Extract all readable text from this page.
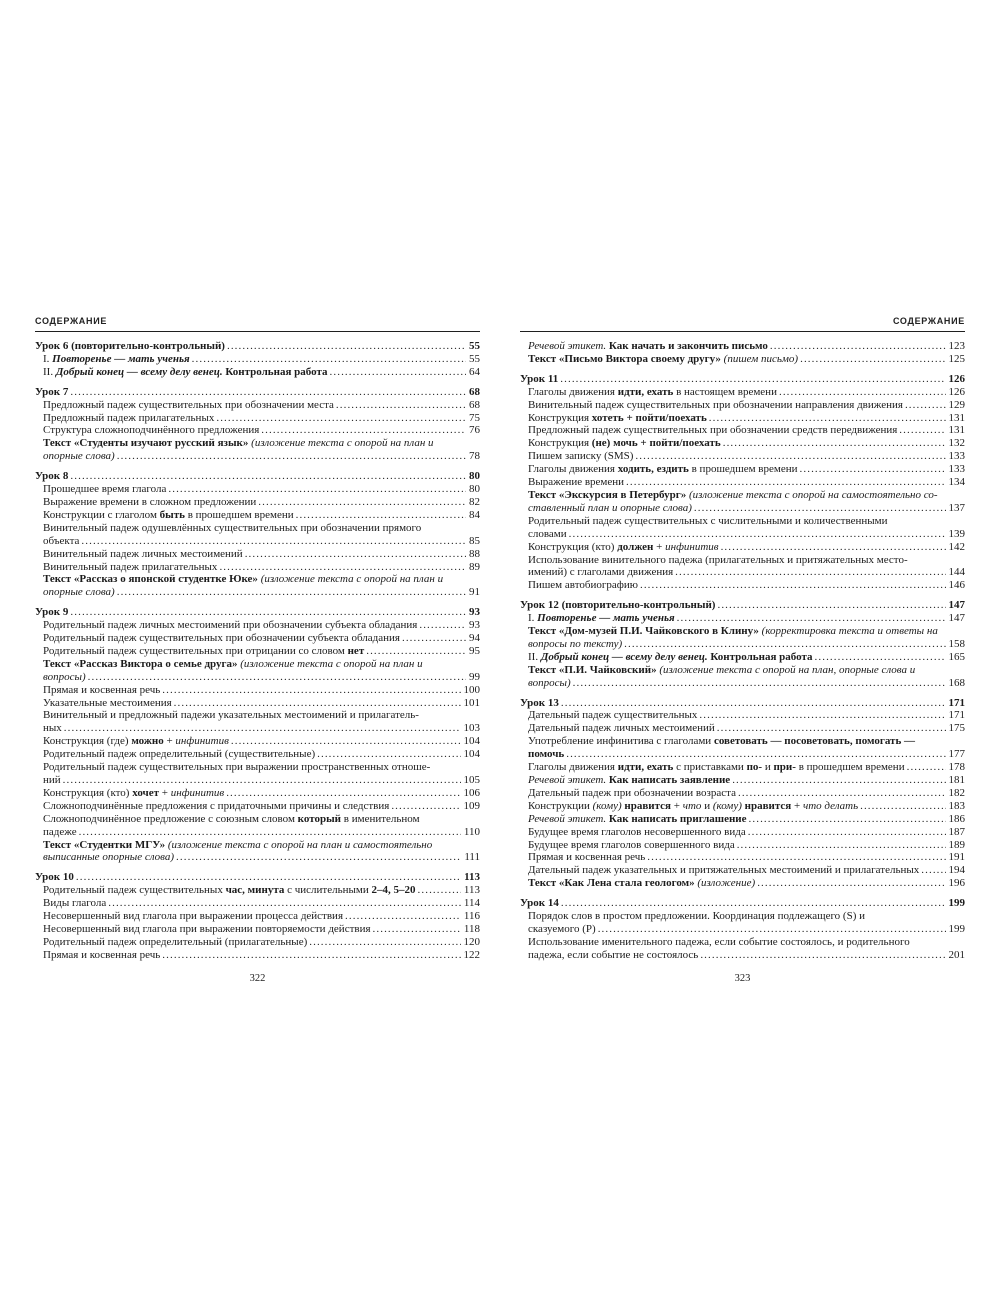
СОДЕРЖАНИЕ
Урок 6 (повторительно-контрольный) .....	55
I. Повторенье — мать ученья .....	55
II. Добрый конец — всему делу венец. Контрольная работа .....	64
Урок 7 .....	68
Предложный падеж существительных при обозначении места .....	68
Предложный падеж прилагательных .....	75
Структура сложноподчинённого предложения .....	76
Текст «Студенты изучают русский язык» (изложение текста с опорой на план и
опорные слова) .....	78
Урок 8 .....	80
Прошедшее время глагола .....	80
Выражение времени в сложном предложении .....	82
Конструкции с глаголом быть в прошедшем времени .....	84
Винительный падеж одушевлённых существительных при обозначении прямого
объекта .....	85
Винительный падеж личных местоимений .....	88
Винительный падеж прилагательных .....	89
Текст «Рассказ о японской студентке Юке» (изложение текста с опорой на план и
опорные слова) .....	91
Урок 9 .....	93
Родительный падеж личных местоимений при обозначении субъекта обладания .....	93
Родительный падеж существительных при обозначении субъекта обладания .....	94
Родительный падеж существительных при отрицании со словом нет .....	95
Текст «Рассказ Виктора о семье друга» (изложение текста с опорой на план и
вопросы) .....	99
Прямая и косвенная речь .....	100
Указательные местоимения .....	101
Винительный и предложный падежи указательных местоимений и прилагатель-
ных .....	103
Конструкция (где) можно + инфинитив .....	104
Родительный падеж определительный (существительные) .....	104
Родительный падеж существительных при выражении пространственных отноше-
ний .....	105
Конструкция (кто) хочет + инфинитив .....	106
Сложноподчинённые предложения с придаточными причины и следствия .....	109
Сложноподчинённое предложение с союзным словом который в именительном
падеже .....	110
Текст «Студентки МГУ» (изложение текста с опорой на план и самостоятельно
выписанные опорные слова) .....	111
Урок 10 .....	113
Родительный падеж существительных час, минута с числительными 2–4, 5–20 .....	113
Виды глагола .....	114
Несовершенный вид глагола при выражении процесса действия .....	116
Несовершенный вид глагола при выражении повторяемости действия .....	118
Родительный падеж определительный (прилагательные) .....	120
Прямая и косвенная речь .....	122
322
СОДЕРЖАНИЕ
Речевой этикет. Как начать и закончить письмо .....	123
Текст «Письмо Виктора своему другу» (пишем письмо) .....	125
Урок 11 .....	126
Глаголы движения идти, ехать в настоящем времени .....	126
Винительный падеж существительных при обозначении направления движения .....	129
Конструкция хотеть + пойти/поехать .....	131
Предложный падеж существительных при обозначении средств передвижения .....	131
Конструкция (не) мочь + пойти/поехать .....	132
Пишем записку (SMS) .....	133
Глаголы движения ходить, ездить в прошедшем времени .....	133
Выражение времени .....	134
Текст «Экскурсия в Петербург» (изложение текста с опорой на самостоятельно со-
ставленный план и опорные слова) .....	137
Родительный падеж существительных с числительными и количественными
словами .....	139
Конструкция (кто) должен + инфинитив .....	142
Использование винительного падежа (прилагательных и притяжательных место-
имений) с глаголами движения .....	144
Пишем автобиографию .....	146
Урок 12 (повторительно-контрольный) .....	147
I. Повторенье — мать ученья .....	147
Текст «Дом-музей П.И. Чайковского в Клину» (корректировка текста и ответы на
вопросы по тексту) .....	158
II. Добрый конец — всему делу венец. Контрольная работа .....	165
Текст «П.И. Чайковский» (изложение текста с опорой на план, опорные слова и
вопросы) .....	168
Урок 13 .....	171
Дательный падеж существительных .....	171
Дательный падеж личных местоимений .....	175
Употребление инфинитива с глаголами советовать — посоветовать, помогать —
помочь .....	177
Глаголы движения идти, ехать с приставками по- и при- в прошедшем времени .....	178
Речевой этикет. Как написать заявление .....	181
Дательный падеж при обозначении возраста .....	182
Конструкции (кому) нравится + что и (кому) нравится + что делать .....	183
Речевой этикет. Как написать приглашение .....	186
Будущее время глаголов несовершенного вида .....	187
Будущее время глаголов совершенного вида .....	189
Прямая и косвенная речь .....	191
Дательный падеж указательных и притяжательных местоимений и прилагательных .....	194
Текст «Как Лена стала геологом» (изложение) .....	196
Урок 14 .....	199
Порядок слов в простом предложении. Координация подлежащего (S) и
сказуемого (P) .....	199
Использование именительного падежа, если событие состоялось, и родительного
падежа, если событие не состоялось .....	201
323
